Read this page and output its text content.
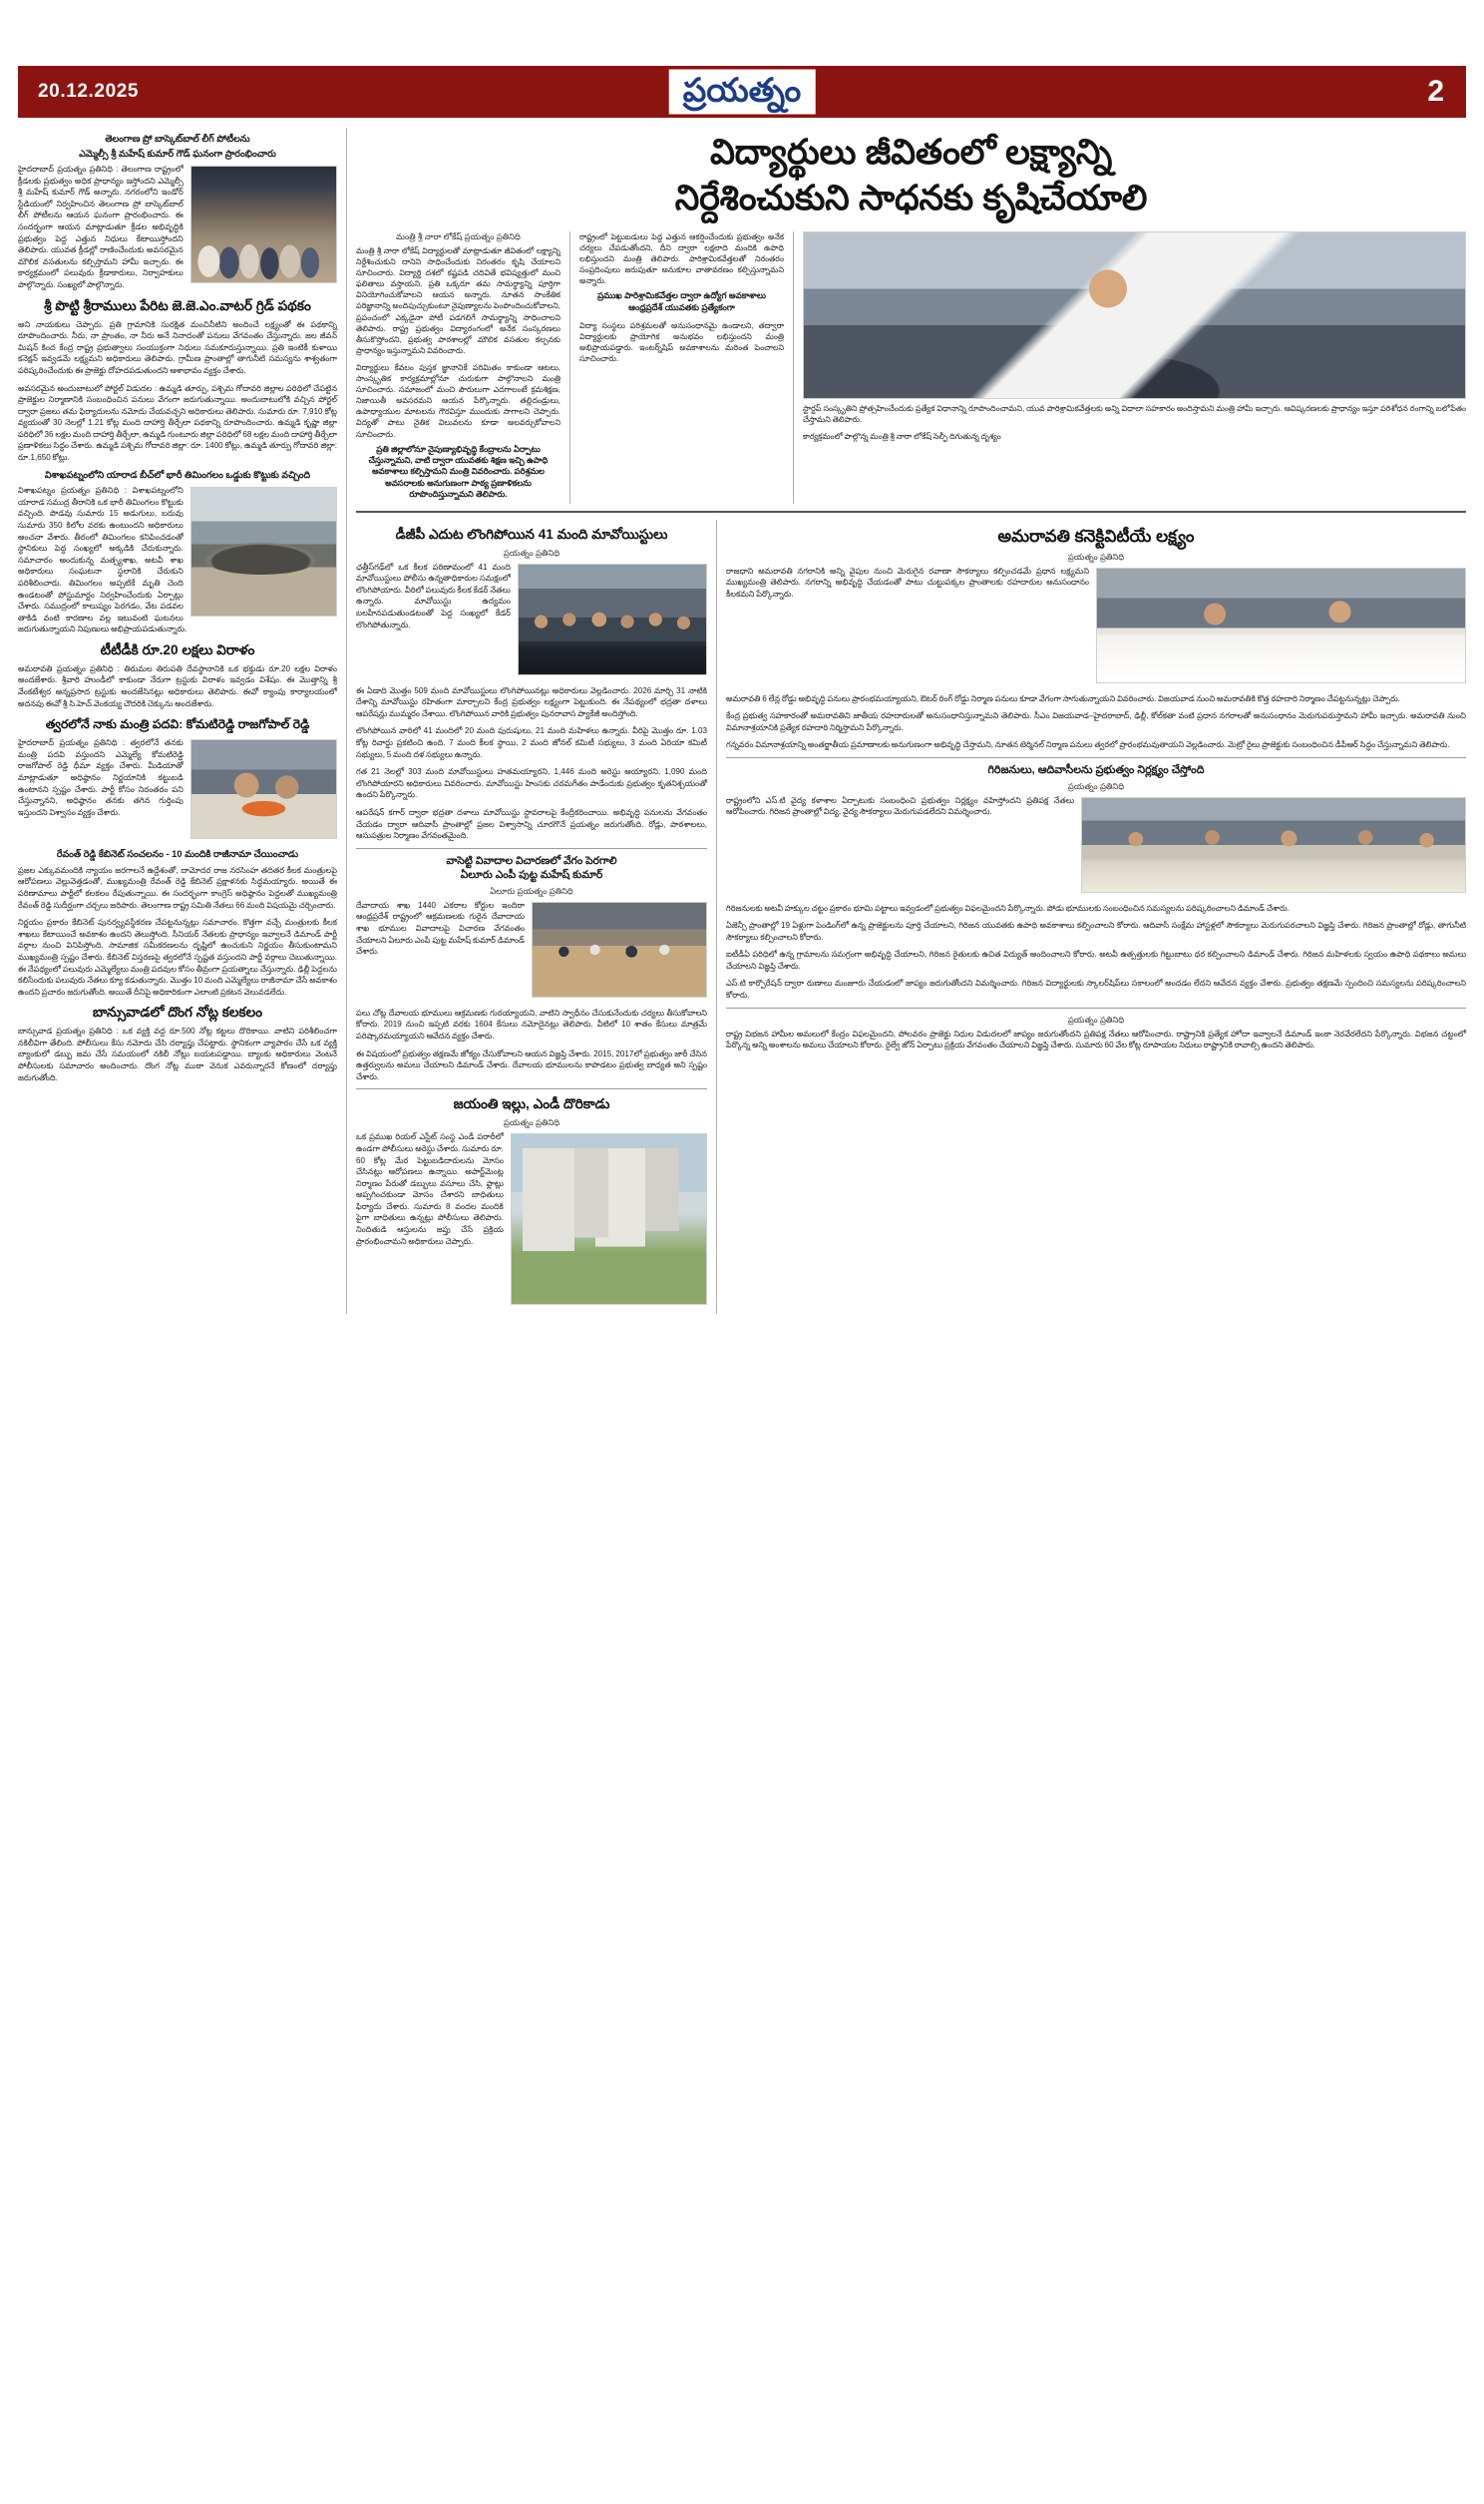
20.12.2025	ప్రయత్నం	2
తెలంగాణ ప్రో బాస్కెట్‌బాల్ లీగ్ పోటీలను
ఎమ్మెల్సీ శ్రీ మహేష్ కుమార్ గౌడ్ ఘనంగా ప్రారంభించారు

హైదరాబాద్ ప్రయత్నం ప్రతినిధి : తెలంగాణ రాష్ట్రంలో క్రీడలకు ప్రభుత్వం అధిక ప్రాధాన్యం ఇస్తోందని ఎమ్మెల్సీ శ్రీ మహేష్ కుమార్ గౌడ్ అన్నారు. నగరంలోని ఇండోర్ స్టేడియంలో నిర్వహించిన తెలంగాణ ప్రో బాస్కెట్‌బాల్ లీగ్ పోటీలను ఆయన ఘనంగా ప్రారంభించారు. ఈ సందర్భంగా ఆయన మాట్లాడుతూ క్రీడల అభివృద్ధికి ప్రభుత్వం పెద్ద ఎత్తున నిధులు కేటాయిస్తోందని తెలిపారు. యువత క్రీడల్లో రాణించేందుకు అవసరమైన మౌలిక వసతులను కల్పిస్తామని హామీ ఇచ్చారు. ఈ కార్యక్రమంలో పలువురు క్రీడాకారులు, నిర్వాహకులు పాల్గొన్నారు. సంఖ్యలో పాల్గొన్నారు.

శ్రీ పొట్టి శ్రీరాములు పేరిట జె.జె.ఎం.వాటర్ గ్రిడ్ పథకం

అని నాయకులు చెప్పారు. ప్రతి గ్రామానికి సురక్షిత మంచినీటిని అందించే లక్ష్యంతో ఈ పథకాన్ని రూపొందించారు. నీరు, నా ప్రాంతం, నా నీరు అనే నినాదంతో పనులు వేగవంతం చేస్తున్నారు. జల జీవన్ మిషన్ కింద కేంద్ర రాష్ట్ర ప్రభుత్వాలు సంయుక్తంగా నిధులు సమకూరుస్తున్నాయి. ప్రతి ఇంటికీ కుళాయి కనెక్షన్ ఇవ్వడమే లక్ష్యమని అధికారులు తెలిపారు. గ్రామీణ ప్రాంతాల్లో తాగునీటి సమస్యను శాశ్వతంగా పరిష్కరించేందుకు ఈ ప్రాజెక్టు దోహదపడుతుందని ఆశాభావం వ్యక్తం చేశారు.

అవసరమైన అందుబాటులో పోర్టల్ విడుదల : ఉమ్మడి తూర్పు, పశ్చిమ గోదావరి జిల్లాల పరిధిలో చేపట్టిన ప్రాజెక్టుల నిర్మాణానికి సంబంధించిన పనులు వేగంగా జరుగుతున్నాయి. అందుబాటులోకి వచ్చిన పోర్టల్ ద్వారా ప్రజలు తమ ఫిర్యాదులను నమోదు చేయవచ్చని అధికారులు తెలిపారు. సుమారు రూ. 7,910 కోట్ల వ్యయంతో 30 నెలల్లో 1.21 కోట్ల మంది దాహార్తి తీర్చేలా పథకాన్ని రూపొందించారు. ఉమ్మడి కృష్ణా జిల్లా పరిధిలో 36 లక్షల మంది దాహార్తి తీర్చేలా, ఉమ్మడి గుంటూరు జిల్లా పరిధిలో 68 లక్షల మంది దాహార్తి తీర్చేలా ప్రణాళికలు సిద్ధం చేశారు. ఉమ్మడి పశ్చిమ గోదావరి జిల్లా: రూ. 1400 కోట్లు, ఉమ్మడి తూర్పు గోదావరి జిల్లా: రూ.1,650 కోట్లు.

విశాఖపట్నంలోని యారాడ బీచ్‌లో భారీ తిమింగలం ఒడ్డుకు కొట్టుకు వచ్చింది

విశాఖపట్నం ప్రయత్నం ప్రతినిధి : విశాఖపట్నంలోని యారాడ సముద్ర తీరానికి ఒక భారీ తిమింగలం కొట్టుకు వచ్చింది. పొడవు సుమారు 15 అడుగులు, బరువు సుమారు 350 కిలోల వరకు ఉంటుందని అధికారులు అంచనా వేశారు. తీరంలో తిమింగలం కనిపించడంతో స్థానికులు పెద్ద సంఖ్యలో అక్కడికి చేరుకున్నారు. సమాచారం అందుకున్న మత్స్యశాఖ, అటవీ శాఖ అధికారులు సంఘటనా స్థలానికి చేరుకుని పరిశీలించారు. తిమింగలం అప్పటికే మృతి చెంది ఉండటంతో పోస్టుమార్టం నిర్వహించేందుకు ఏర్పాట్లు చేశారు. సముద్రంలో కాలుష్యం పెరగడం, వేట పడవల తాకిడి వంటి కారణాల వల్ల ఇటువంటి ఘటనలు జరుగుతున్నాయని నిపుణులు అభిప్రాయపడుతున్నారు.

టీటీడీకి రూ.20 లక్షలు విరాళం

అమరావతి ప్రయత్నం ప్రతినిధి : తిరుమల తిరుపతి దేవస్థానానికి ఒక భక్తుడు రూ.20 లక్షల విరాళం అందజేశారు. శ్రీవారి హుండీలో కాకుండా నేరుగా ట్రస్టుకు విరాళం ఇవ్వడం విశేషం. ఈ మొత్తాన్ని శ్రీ వేంకటేశ్వర అన్నప్రసాద ట్రస్టుకు అందజేసినట్లు అధికారులు తెలిపారు. ఈవో క్యాంపు కార్యాలయంలో అదనపు ఈవో శ్రీ సి.హెచ్.వెంకయ్య చౌదరికి చెక్కును అందజేశారు.

త్వరలోనే నాకు మంత్రి పదవి: కోమటిరెడ్డి రాజగోపాల్ రెడ్డి

హైదరాబాద్ ప్రయత్నం ప్రతినిధి : త్వరలోనే తనకు మంత్రి పదవి వస్తుందని ఎమ్మెల్యే కోమటిరెడ్డి రాజగోపాల్ రెడ్డి ధీమా వ్యక్తం చేశారు. మీడియాతో మాట్లాడుతూ అధిష్ఠానం నిర్ణయానికి కట్టుబడి ఉంటానని స్పష్టం చేశారు. పార్టీ కోసం నిరంతరం పని చేస్తున్నానని, అధిష్ఠానం తనకు తగిన గుర్తింపు ఇస్తుందని విశ్వాసం వ్యక్తం చేశారు.

రేవంత్ రెడ్డి కేబినెట్ సంచలనం - 10 మందికి రాజీనామా చేయించాడు

ప్రజల ఎక్కువమందికి న్యాయం జరగాలనే ఉద్దేశంతో, దామోదర రాజ నరసింహ తదితర కీలక మంత్రులపై ఆరోపణలు వెల్లువెత్తడంతో, ముఖ్యమంత్రి రేవంత్ రెడ్డి కేబినెట్ ప్రక్షాళనకు సిద్ధమయ్యారు. అయితే ఈ పరిణామాలు పార్టీలో కలకలం రేపుతున్నాయి. ఈ సందర్భంగా కాంగ్రెస్ అధిష్ఠానం పెద్దలతో ముఖ్యమంత్రి రేవంత్ రెడ్డి సుదీర్ఘంగా చర్చలు జరిపారు. తెలంగాణ రాష్ట్ర సమితి నేతలు 66 మంది విషయమై చర్చించారు.

నిర్ణయం ప్రకారం కేబినెట్ పునర్వ్యవస్థీకరణ చేపట్టనున్నట్లు సమాచారం. కొత్తగా వచ్చే మంత్రులకు కీలక శాఖలు కేటాయించే అవకాశం ఉందని తెలుస్తోంది. సీనియర్ నేతలకు ప్రాధాన్యం ఇవ్వాలనే డిమాండ్ పార్టీ వర్గాల నుంచి వినిపిస్తోంది. సామాజిక సమీకరణలను దృష్టిలో ఉంచుకుని నిర్ణయం తీసుకుంటామని ముఖ్యమంత్రి స్పష్టం చేశారు. కేబినెట్ విస్తరణపై త్వరలోనే స్పష్టత వస్తుందని పార్టీ వర్గాలు చెబుతున్నాయి. ఈ నేపథ్యంలో పలువురు ఎమ్మెల్యేలు మంత్రి పదవుల కోసం తీవ్రంగా ప్రయత్నాలు చేస్తున్నారు. ఢిల్లీ పెద్దలను కలిసేందుకు పలువురు నేతలు క్యూ కడుతున్నారు. మొత్తం 10 మంది ఎమ్మెల్యేలు రాజీనామా చేసే అవకాశం ఉందని ప్రచారం జరుగుతోంది. అయితే దీనిపై అధికారికంగా ఎలాంటి ప్రకటన వెలువడలేదు.

బాన్సువాడలో దొంగ నోట్ల కలకలం

బాన్సువాడ ప్రయత్నం ప్రతినిధి : ఒక వ్యక్తి వద్ద రూ.500 నోట్ల కట్టలు దొరికాయి. వాటిని పరిశీలించగా నకిలీవిగా తేలింది. పోలీసులు కేసు నమోదు చేసి దర్యాప్తు చేపట్టారు. స్థానికంగా వ్యాపారం చేసే ఒక వ్యక్తి బ్యాంకులో డబ్బు జమ చేసే సమయంలో నకిలీ నోట్లు బయటపడ్డాయి. బ్యాంకు అధికారులు వెంటనే పోలీసులకు సమాచారం అందించారు. దొంగ నోట్ల ముఠా వెనుక ఎవరున్నారనే కోణంలో దర్యాప్తు జరుగుతోంది.

విద్యార్థులు జీవితంలో లక్ష్యాన్ని
నిర్దేశించుకుని సాధనకు కృషిచేయాలి
మంత్రి శ్రీ నారా లోకేష్ ప్రయత్నం ప్రతినిధి

మంత్రి శ్రీ నారా లోకేష్ విద్యార్థులతో మాట్లాడుతూ జీవితంలో లక్ష్యాన్ని నిర్దేశించుకుని దానిని సాధించేందుకు నిరంతరం కృషి చేయాలని సూచించారు. విద్యార్థి దశలో కష్టపడి చదివితే భవిష్యత్తులో మంచి ఫలితాలు వస్తాయని, ప్రతి ఒక్కరూ తమ సామర్థ్యాన్ని పూర్తిగా వినియోగించుకోవాలని ఆయన అన్నారు. నూతన సాంకేతిక పరిజ్ఞానాన్ని అందిపుచ్చుకుంటూ నైపుణ్యాలను పెంపొందించుకోవాలని, ప్రపంచంలో ఎక్కడైనా పోటీ పడగలిగే సామర్థ్యాన్ని సాధించాలని తెలిపారు. రాష్ట్ర ప్రభుత్వం విద్యారంగంలో అనేక సంస్కరణలు తీసుకొస్తోందని, ప్రభుత్వ పాఠశాలల్లో మౌలిక వసతుల కల్పనకు ప్రాధాన్యం ఇస్తున్నామని వివరించారు.

విద్యార్థులు కేవలం పుస్తక జ్ఞానానికే పరిమితం కాకుండా ఆటలు, సాంస్కృతిక కార్యక్రమాల్లోనూ చురుకుగా పాల్గొనాలని మంత్రి సూచించారు. సమాజంలో మంచి పౌరులుగా ఎదగాలంటే క్రమశిక్షణ, నిజాయితీ అవసరమని ఆయన పేర్కొన్నారు. తల్లిదండ్రులు, ఉపాధ్యాయుల మాటలను గౌరవిస్తూ ముందుకు సాగాలని చెప్పారు. విద్యతో పాటు నైతిక విలువలను కూడా అలవర్చుకోవాలని సూచించారు.

ప్రతి జిల్లాలోనూ నైపుణ్యాభివృద్ధి కేంద్రాలను ఏర్పాటు చేస్తున్నామని, వాటి ద్వారా యువతకు శిక్షణ ఇచ్చి ఉపాధి అవకాశాలు కల్పిస్తామని మంత్రి వివరించారు. పరిశ్రమల అవసరాలకు అనుగుణంగా పాఠ్య ప్రణాళికలను రూపొందిస్తున్నామని తెలిపారు.

రాష్ట్రంలో పెట్టుబడులు పెద్ద ఎత్తున ఆకర్షించేందుకు ప్రభుత్వం అనేక చర్యలు చేపడుతోందని, దీని ద్వారా లక్షలాది మందికి ఉపాధి లభిస్తుందని మంత్రి తెలిపారు. పారిశ్రామికవేత్తలతో నిరంతరం సంప్రదింపులు జరుపుతూ అనుకూల వాతావరణం కల్పిస్తున్నామని అన్నారు.

ప్రముఖ పారిశ్రామికవేత్తల ద్వారా ఉద్యోగ అవకాశాలు ఆంధ్రప్రదేశ్ యువతకు ప్రత్యేకంగా

విద్యా సంస్థలు పరిశ్రమలతో అనుసంధానమై ఉండాలని, తద్వారా విద్యార్థులకు ప్రాయోగిక అనుభవం లభిస్తుందని మంత్రి అభిప్రాయపడ్డారు. ఇంటర్న్‌షిప్ అవకాశాలను మరింత పెంచాలని సూచించారు.

స్టార్టప్ సంస్కృతిని ప్రోత్సహించేందుకు ప్రత్యేక విధానాన్ని రూపొందించామని, యువ పారిశ్రామికవేత్తలకు అన్ని విధాలా సహకారం అందిస్తామని మంత్రి హామీ ఇచ్చారు. ఆవిష్కరణలకు ప్రాధాన్యం ఇస్తూ పరిశోధన రంగాన్ని బలోపేతం చేస్తామని తెలిపారు.

కార్యక్రమంలో పాల్గొన్న మంత్రి శ్రీ నారా లోకేష్ సెల్ఫీ దిగుతున్న దృశ్యం

డీజీపీ ఎదుట లొంగిపోయిన 41 మంది మావోయిస్టులు
ప్రయత్నం ప్రతినిధి

ఛత్తీస్‌గఢ్‌లో ఒక కీలక పరిణామంలో 41 మంది మావోయిస్టులు పోలీసు ఉన్నతాధికారుల సమక్షంలో లొంగిపోయారు. వీరిలో పలువురు కీలక కేడర్ నేతలు ఉన్నారు. మావోయిస్టు ఉద్యమం బలహీనపడుతుండటంతో పెద్ద సంఖ్యలో కేడర్ లొంగిపోతున్నారు.

ఈ ఏడాది మొత్తం 509 మంది మావోయిస్టులు లొంగిపోయినట్లు అధికారులు వెల్లడించారు. 2026 మార్చి 31 నాటికి దేశాన్ని మావోయిస్టు రహితంగా మార్చాలని కేంద్ర ప్రభుత్వం లక్ష్యంగా పెట్టుకుంది. ఈ నేపథ్యంలో భద్రతా దళాలు ఆపరేషన్లు ముమ్మరం చేశాయి. లొంగిపోయిన వారికి ప్రభుత్వం పునరావాస ప్యాకేజీ అందిస్తోంది.

లొంగిపోయిన వారిలో 41 మందిలో 20 మంది పురుషులు, 21 మంది మహిళలు ఉన్నారు. వీరిపై మొత్తం రూ. 1.03 కోట్ల రివార్డు ప్రకటించి ఉంది. 7 మంది కీలక స్థాయి, 2 మంది జోనల్ కమిటీ సభ్యులు, 3 మంది ఏరియా కమిటీ సభ్యులు, 5 మంది దళ సభ్యులు ఉన్నారు.

గత 21 నెలల్లో 303 మంది మావోయిస్టులు హతమయ్యారని, 1,446 మంది అరెస్టు అయ్యారని, 1,090 మంది లొంగిపోయారని అధికారులు వివరించారు. మావోయిస్టు హింసకు చరమగీతం పాడేందుకు ప్రభుత్వం కృతనిశ్చయంతో ఉందని పేర్కొన్నారు.

ఆపరేషన్ కగార్ ద్వారా భద్రతా దళాలు మావోయిస్టు స్థావరాలపై కేంద్రీకరించాయి. అభివృద్ధి పనులను వేగవంతం చేయడం ద్వారా ఆదివాసీ ప్రాంతాల్లో ప్రజల విశ్వాసాన్ని చూరగొనే ప్రయత్నం జరుగుతోంది. రోడ్లు, పాఠశాలలు, ఆసుపత్రుల నిర్మాణం వేగవంతమైంది.

వాసెట్టి వివాదాల విచారణలో వేగం పెరగాలి
ఏలూరు ఎంపీ పుట్ట మహేష్ కుమార్
ఏలూరు ప్రయత్నం ప్రతినిధి

దేవాదాయ శాఖ 1440 ఎకరాల కోర్టుల ఇందిరా ఆంధ్రప్రదేశ్ రాష్ట్రంలో ఆక్రమణలకు గురైన దేవాదాయ శాఖ భూముల వివాదాలపై విచారణ వేగవంతం చేయాలని ఏలూరు ఎంపీ పుట్ట మహేష్ కుమార్ డిమాండ్ చేశారు.

పలు చోట్ల దేవాలయ భూములు ఆక్రమణకు గురయ్యాయని, వాటిని స్వాధీనం చేసుకునేందుకు చర్యలు తీసుకోవాలని కోరారు. 2019 నుంచి ఇప్పటి వరకు 1604 కేసులు నమోదైనట్లు తెలిపారు. వీటిలో 10 శాతం కేసులు మాత్రమే పరిష్కారమయ్యాయని ఆవేదన వ్యక్తం చేశారు.

ఈ విషయంలో ప్రభుత్వం తక్షణమే జోక్యం చేసుకోవాలని ఆయన విజ్ఞప్తి చేశారు. 2015, 2017లో ప్రభుత్వం జారీ చేసిన ఉత్తర్వులను అమలు చేయాలని డిమాండ్ చేశారు. దేవాలయ భూములను కాపాడటం ప్రభుత్వ బాధ్యత అని స్పష్టం చేశారు.

జయంతి ఇల్లు, ఎండీ దొరికాడు
ప్రయత్నం ప్రతినిధి

ఒక ప్రముఖ రియల్ ఎస్టేట్ సంస్థ ఎండీ పరారీలో ఉండగా పోలీసులు అరెస్టు చేశారు. సుమారు రూ. 60 కోట్ల మేర పెట్టుబడిదారులను మోసం చేసినట్లు ఆరోపణలు ఉన్నాయి. అపార్ట్‌మెంట్ల నిర్మాణం పేరుతో డబ్బులు వసూలు చేసి, ఫ్లాట్లు అప్పగించకుండా మోసం చేశారని బాధితులు ఫిర్యాదు చేశారు. సుమారు 8 వందల మందికి పైగా బాధితులు ఉన్నట్లు పోలీసులు తెలిపారు. నిందితుడి ఆస్తులను జప్తు చేసే ప్రక్రియ ప్రారంభించామని అధికారులు చెప్పారు.

అమరావతి కనెక్టివిటీయే లక్ష్యం
ప్రయత్నం ప్రతినిధి

రాజధాని అమరావతి నగరానికి అన్ని వైపుల నుంచి మెరుగైన రవాణా సౌకర్యాలు కల్పించడమే ప్రధాన లక్ష్యమని ముఖ్యమంత్రి తెలిపారు. నగరాన్ని అభివృద్ధి చేయడంతో పాటు చుట్టుపక్కల ప్రాంతాలకు రహదారుల అనుసంధానం కీలకమని పేర్కొన్నారు.

అమరావతి 6 లేన్ల రోడ్డు అభివృద్ధి పనులు ప్రారంభమయ్యాయని, ఔటర్ రింగ్ రోడ్డు నిర్మాణ పనులు కూడా వేగంగా సాగుతున్నాయని వివరించారు. విజయవాడ నుంచి అమరావతికి కొత్త రహదారి నిర్మాణం చేపట్టనున్నట్లు చెప్పారు.

కేంద్ర ప్రభుత్వ సహకారంతో అమరావతిని జాతీయ రహదారులతో అనుసంధానిస్తున్నామని తెలిపారు. సీఎం విజయవాడ–హైదరాబాద్, ఢిల్లీ, కోల్‌కతా వంటి ప్రధాన నగరాలతో అనుసంధానం మెరుగుపరుస్తామని హామీ ఇచ్చారు. అమరావతి నుంచి విమానాశ్రయానికి ప్రత్యేక రహదారి నిర్మిస్తామని పేర్కొన్నారు.

గన్నవరం విమానాశ్రయాన్ని అంతర్జాతీయ ప్రమాణాలకు అనుగుణంగా అభివృద్ధి చేస్తామని, నూతన టెర్మినల్ నిర్మాణ పనులు త్వరలో ప్రారంభమవుతాయని వెల్లడించారు. మెట్రో రైలు ప్రాజెక్టుకు సంబంధించిన డీపీఆర్ సిద్ధం చేస్తున్నామని తెలిపారు.

గిరిజనులు, ఆదివాసీలను ప్రభుత్వం నిర్లక్ష్యం చేస్తోంది
ప్రయత్నం ప్రతినిధి

రాష్ట్రంలోని ఎస్.టి వైద్య కళాశాల ఏర్పాటుకు సంబంధించి ప్రభుత్వం నిర్లక్ష్యం వహిస్తోందని ప్రతిపక్ష నేతలు ఆరోపించారు. గిరిజన ప్రాంతాల్లో విద్య, వైద్య సౌకర్యాలు మెరుగుపడలేదని విమర్శించారు.

గిరిజనులకు అటవీ హక్కుల చట్టం ప్రకారం భూమి పట్టాలు ఇవ్వడంలో ప్రభుత్వం విఫలమైందని పేర్కొన్నారు. పోడు భూములకు సంబంధించిన సమస్యలను పరిష్కరించాలని డిమాండ్ చేశారు.

ఏజెన్సీ ప్రాంతాల్లో 19 ఏళ్లుగా పెండింగ్‌లో ఉన్న ప్రాజెక్టులను పూర్తి చేయాలని, గిరిజన యువతకు ఉపాధి అవకాశాలు కల్పించాలని కోరారు. ఆదివాసీ సంక్షేమ హాస్టళ్లలో సౌకర్యాలు మెరుగుపరచాలని విజ్ఞప్తి చేశారు. గిరిజన ప్రాంతాల్లో రోడ్లు, తాగునీటి సౌకర్యాలు కల్పించాలని కోరారు.

ఐటీడీఏ పరిధిలో ఉన్న గ్రామాలను సమగ్రంగా అభివృద్ధి చేయాలని, గిరిజన రైతులకు ఉచిత విద్యుత్ అందించాలని కోరారు. అటవీ ఉత్పత్తులకు గిట్టుబాటు ధర కల్పించాలని డిమాండ్ చేశారు. గిరిజన మహిళలకు స్వయం ఉపాధి పథకాలు అమలు చేయాలని విజ్ఞప్తి చేశారు.

ఎస్.టి కార్పొరేషన్ ద్వారా రుణాలు మంజూరు చేయడంలో జాప్యం జరుగుతోందని విమర్శించారు. గిరిజన విద్యార్థులకు స్కాలర్‌షిప్‌లు సకాలంలో అందడం లేదని ఆవేదన వ్యక్తం చేశారు. ప్రభుత్వం తక్షణమే స్పందించి సమస్యలను పరిష్కరించాలని కోరారు.

ప్రయత్నం ప్రతినిధి

రాష్ట్ర విభజన హామీల అమలులో కేంద్రం విఫలమైందని, పోలవరం ప్రాజెక్టు నిధుల విడుదలలో జాప్యం జరుగుతోందని ప్రతిపక్ష నేతలు ఆరోపించారు. రాష్ట్రానికి ప్రత్యేక హోదా ఇవ్వాలనే డిమాండ్ ఇంకా నెరవేరలేదని పేర్కొన్నారు. విభజన చట్టంలో పేర్కొన్న అన్ని అంశాలను అమలు చేయాలని కోరారు. రైల్వే జోన్ ఏర్పాటు ప్రక్రియ వేగవంతం చేయాలని విజ్ఞప్తి చేశారు. సుమారు 60 వేల కోట్ల రూపాయల నిధులు రాష్ట్రానికి రావాల్సి ఉందని తెలిపారు.
